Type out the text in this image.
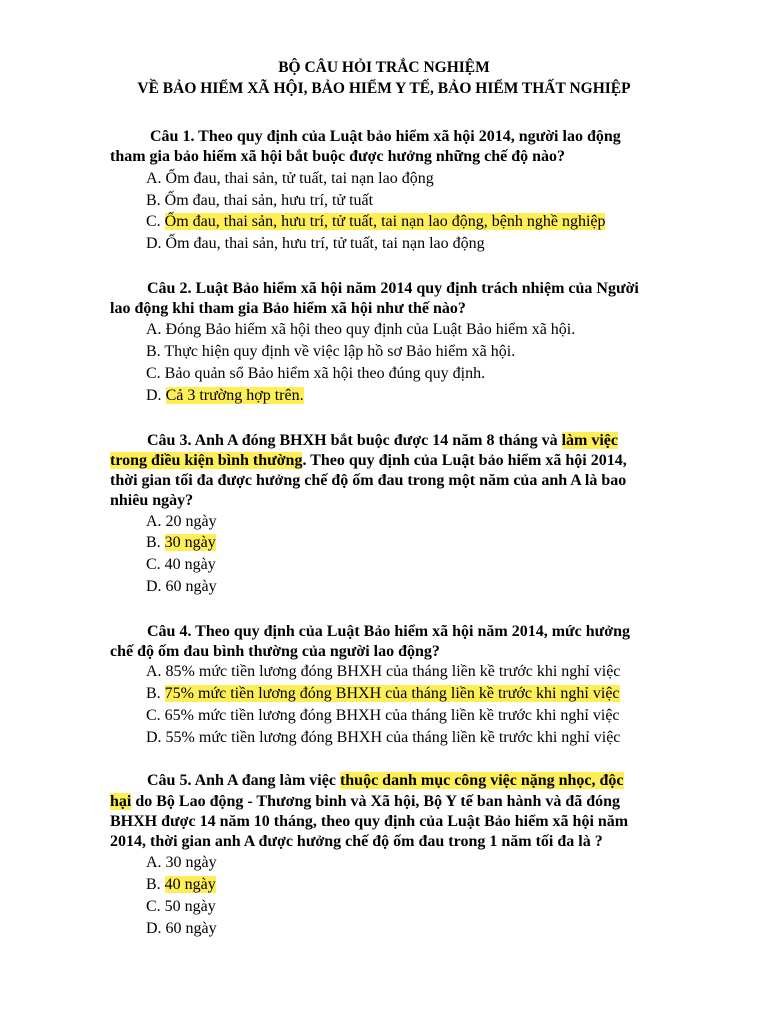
BỘ CÂU HỎI TRẮC NGHIỆM
VỀ BẢO HIỂM XÃ HỘI, BẢO HIỂM Y TẾ, BẢO HIỂM THẤT NGHIỆP
Câu 1. Theo quy định của Luật bảo hiểm xã hội 2014, người lao động
tham gia bảo hiểm xã hội bắt buộc được hưởng những chế độ nào?
A. Ốm đau, thai sản, tử tuất, tai nạn lao động
B. Ốm đau, thai sản, hưu trí, tử tuất
C. Ốm đau, thai sản, hưu trí, tử tuất, tai nạn lao động, bệnh nghề nghiệp
D. Ốm đau, thai sản, hưu trí, tử tuất, tai nạn lao động
Câu 2. Luật Bảo hiểm xã hội năm 2014 quy định trách nhiệm của Người
lao động khi tham gia Bảo hiểm xã hội như thế nào?
A. Đóng Bảo hiểm xã hội theo quy định của Luật Bảo hiểm xã hội.
B. Thực hiện quy định về việc lập hồ sơ Bảo hiểm xã hội.
C. Bảo quản sổ Bảo hiểm xã hội theo đúng quy định.
D. Cả 3 trường hợp trên.
Câu 3. Anh A đóng BHXH bắt buộc được 14 năm 8 tháng và làm việc
trong điều kiện bình thường. Theo quy định của Luật bảo hiểm xã hội 2014,
thời gian tối đa được hưởng chế độ ốm đau trong một năm của anh A là bao
nhiêu ngày?
A. 20 ngày
B. 30 ngày
C. 40 ngày
D. 60 ngày
Câu 4. Theo quy định của Luật Bảo hiểm xã hội năm 2014, mức hưởng
chế độ ốm đau bình thường của người lao động?
A. 85% mức tiền lương đóng BHXH của tháng liền kề trước khi nghỉ việc
B. 75% mức tiền lương đóng BHXH của tháng liền kề trước khi nghỉ việc
C. 65% mức tiền lương đóng BHXH của tháng liền kề trước khi nghỉ việc
D. 55% mức tiền lương đóng BHXH của tháng liền kề trước khi nghỉ việc
Câu 5. Anh A đang làm việc thuộc danh mục công việc nặng nhọc, độc
hại do Bộ Lao động - Thương binh và Xã hội, Bộ Y tế ban hành và đã đóng
BHXH được 14 năm 10 tháng, theo quy định của Luật Bảo hiểm xã hội năm
2014, thời gian anh A được hưởng chế độ ốm đau trong 1 năm tối đa là ?
A. 30 ngày
B. 40 ngày
C. 50 ngày
D. 60 ngày
